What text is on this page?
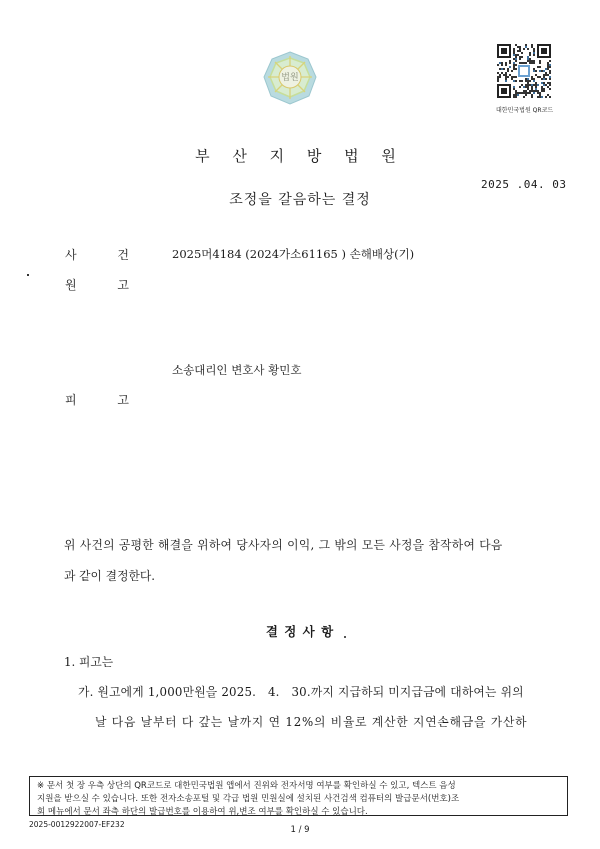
법원
대한민국법원 QR코드
부 산 지 방 법 원
2025 .04. 03
조정을 갈음하는 결정
사 건	2025머4184 (2024가소61165 ) 손해배상(기)
원 고
소송대리인 변호사 황민호
피 고
위 사건의 공평한 해결을 위하여 당사자의 이익, 그 밖의 모든 사정을 참작하여 다음
과 같이 결정한다.
결 정 사 항
1. 피고는
가. 원고에게 1,000만원을 2025.   4.   30.까지 지급하되 미지급금에 대하여는 위의
날 다음 날부터 다 갚는 날까지 연 12%의 비율로 계산한 지연손해금을 가산하
※ 문서 첫 장 우측 상단의 QR코드로 대한민국법원 앱에서 진위와 전자서명 여부를 확인하실 수 있고, 텍스트 음성
지원을 받으실 수 있습니다. 또한 전자소송포털 및 각급 법원 민원실에 설치된 사건검색 컴퓨터의 발급문서(번호)조
회 메뉴에서 문서 좌측 하단의 발급번호를 이용하여 위,변조 여부를 확인하실 수 있습니다.
2025-0012922007-EF232
1 / 9
